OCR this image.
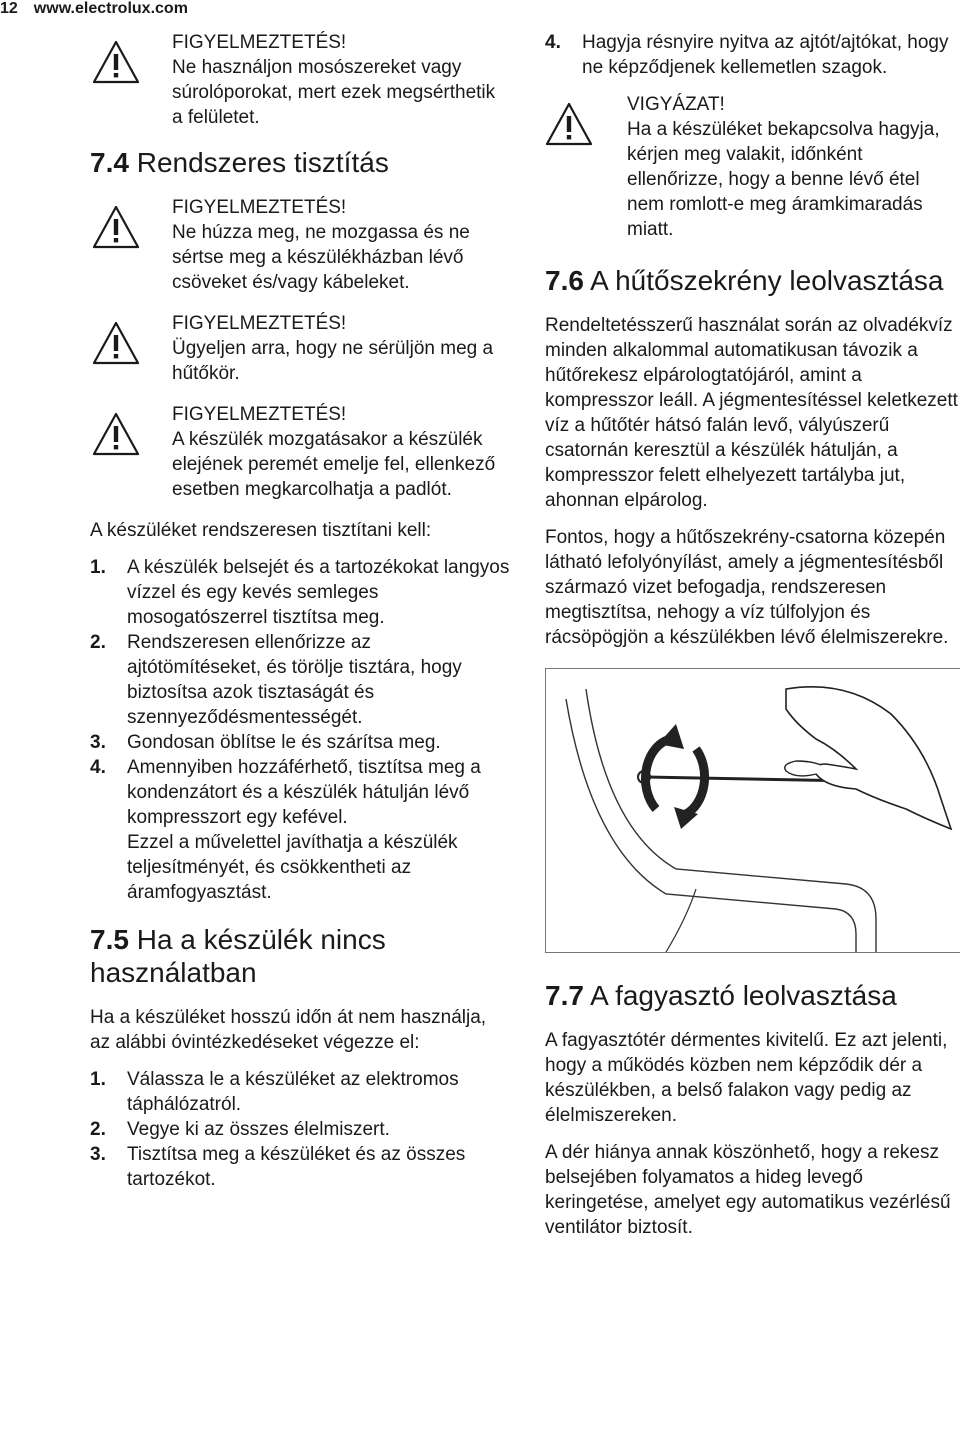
12 www.electrolux.com
FIGYELMEZTETÉS!
Ne használjon mosószereket vagy súrolóporokat, mert ezek megsérthetik a felületet.
7.4 Rendszeres tisztítás
FIGYELMEZTETÉS!
Ne húzza meg, ne mozgassa és ne sértse meg a készülékházban lévő csöveket és/vagy kábeleket.
FIGYELMEZTETÉS!
Ügyeljen arra, hogy ne sérüljön meg a hűtőkör.
FIGYELMEZTETÉS!
A készülék mozgatásakor a készülék elejének peremét emelje fel, ellenkező esetben megkarcolhatja a padlót.

A készüléket rendszeresen tisztítani kell:

1. A készülék belsejét és a tartozékokat langyos vízzel és egy kevés semleges mosogatószerrel tisztítsa meg.
2. Rendszeresen ellenőrizze az ajtótömítéseket, és törölje tisztára, hogy biztosítsa azok tisztaságát és szennyeződésmentességét.
3. Gondosan öblítse le és szárítsa meg.
4. Amennyiben hozzáférhető, tisztítsa meg a kondenzátort és a készülék hátulján lévő kompresszort egy kefével.
Ezzel a művelettel javíthatja a készülék teljesítményét, és csökkentheti az áramfogyasztást.
7.5 Ha a készülék nincs használatban

Ha a készüléket hosszú időn át nem használja, az alábbi óvintézkedéseket végezze el:

1. Válassza le a készüléket az elektromos táphálózatról.
2. Vegye ki az összes élelmiszert.
3. Tisztítsa meg a készüléket és az összes tartozékot.
4. Hagyja résnyire nyitva az ajtót/ajtókat, hogy ne képződjenek kellemetlen szagok.
VIGYÁZAT!
Ha a készüléket bekapcsolva hagyja, kérjen meg valakit, időnként ellenőrizze, hogy a benne lévő étel nem romlott-e meg áramkimaradás miatt.
7.6 A hűtőszekrény leolvasztása

Rendeltetésszerű használat során az olvadékvíz minden alkalommal automatikusan távozik a hűtőrekesz elpárologtatójáról, amint a kompresszor leáll. A jégmentesítéssel keletkezett víz a hűtőtér hátsó falán levő, vályúszerű csatornán keresztül a készülék hátulján, a kompresszor felett elhelyezett tartályba jut, ahonnan elpárolog.

Fontos, hogy a hűtőszekrény-csatorna közepén látható lefolyónyílást, amely a jégmentesítésből származó vizet befogadja, rendszeresen megtisztítsa, nehogy a víz túlfolyjon és rácsöpögjön a készülékben lévő élelmiszerekre.

7.7 A fagyasztó leolvasztása

A fagyasztótér dérmentes kivitelű. Ez azt jelenti, hogy a működés közben nem képződik dér a készülékben, a belső falakon vagy pedig az élelmiszereken.

A dér hiánya annak köszönhető, hogy a rekesz belsejében folyamatos a hideg levegő keringetése, amelyet egy automatikus vezérlésű ventilátor biztosít.
